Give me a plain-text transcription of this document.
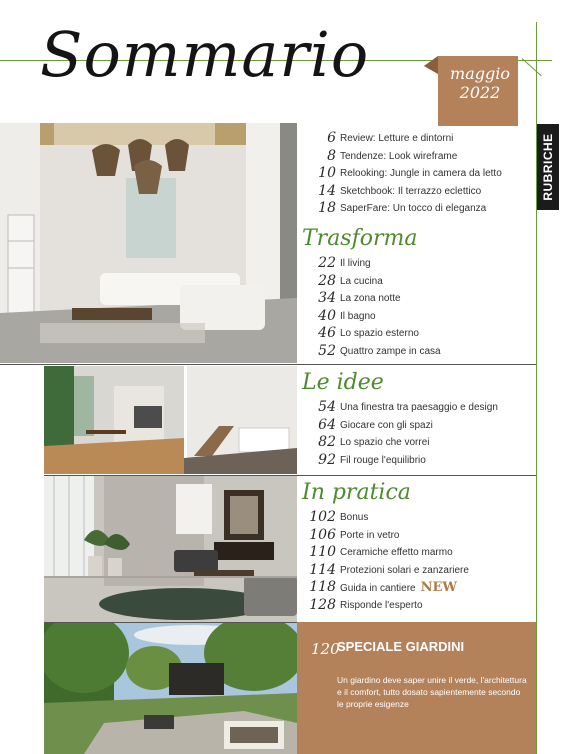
Sommario	maggio
2022
RUBRICHE
6 Review: Letture e dintorni
8 Tendenze: Look wireframe
10 Relooking: Jungle in camera da letto
14 Sketchbook: Il terrazzo eclettico
18 SaperFare: Un tocco di eleganza
Trasforma
22 Il living
28 La cucina
34 La zona notte
40 Il bagno
46 Lo spazio esterno
52 Quattro zampe in casa
Le idee
54 Una finestra tra paesaggio e design
64 Giocare con gli spazi
82 Lo spazio che vorrei
92 Fil rouge l'equilibrio
In pratica
102 Bonus
106 Porte in vetro
110 Ceramiche effetto marmo
114 Protezioni solari e zanzariere
118 Guida in cantiere NEW
128 Risponde l'esperto
120
SPECIALE GIARDINI
Un giardino deve saper unire il verde, l'architettura e il comfort, tutto dosato sapientemente secondo le proprie esigenze
